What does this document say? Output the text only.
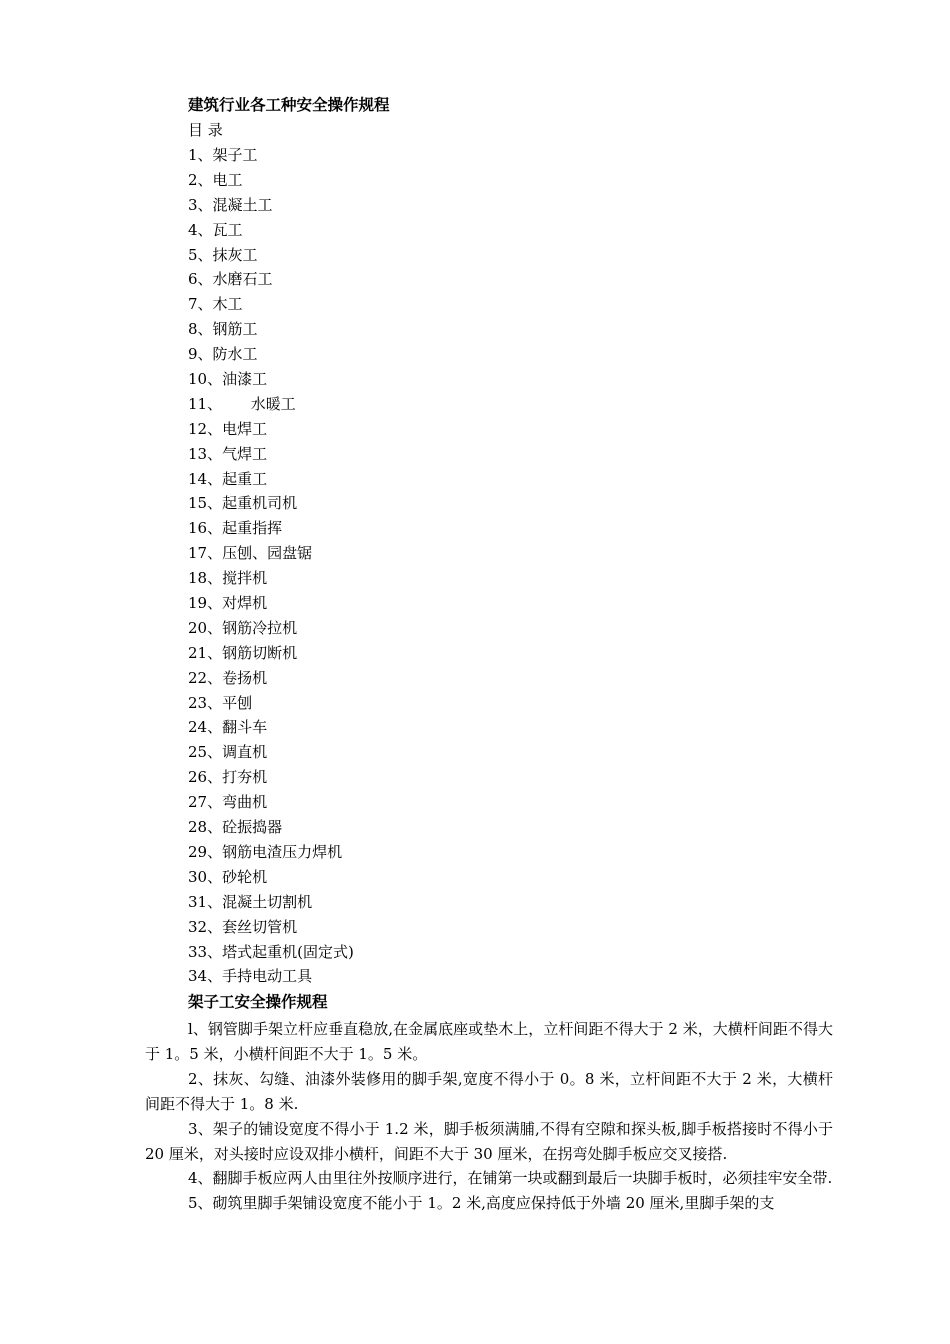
建筑行业各工种安全操作规程
目 录
1、架子工
2、电工
3、混凝土工
4、瓦工
5、抹灰工
6、水磨石工
7、木工
8、钢筋工
9、防水工
10、油漆工
11、      水暖工
12、电焊工
13、气焊工
14、起重工
15、起重机司机
16、起重指挥
17、压刨、园盘锯
18、搅拌机
19、对焊机
20、钢筋冷拉机
21、钢筋切断机
22、卷扬机
23、平刨
24、翻斗车
25、调直机
26、打夯机
27、弯曲机
28、砼振捣器
29、钢筋电渣压力焊机
30、砂轮机
31、混凝土切割机
32、套丝切管机
33、塔式起重机(固定式)
34、手持电动工具
架子工安全操作规程

l、钢管脚手架立杆应垂直稳放,在金属底座或垫木上，立杆间距不得大于 2 米，大横杆间距不得大于 1。5 米，小横杆间距不大于 1。5 米。

2、抹灰、勾缝、油漆外装修用的脚手架,宽度不得小于 0。8 米，立杆间距不大于 2 米，大横杆间距不得大于 1。8 米.

3、架子的铺设宽度不得小于 1.2 米，脚手板须满脯,不得有空隙和探头板,脚手板搭接时不得小于 20 厘米，对头接时应设双排小横杆，间距不大于 30 厘米，在拐弯处脚手板应交叉接搭.

4、翻脚手板应两人由里往外按顺序进行，在铺第一块或翻到最后一块脚手板时，必须挂牢安全带.

5、砌筑里脚手架铺设宽度不能小于 1。2 米,高度应保持低于外墙 20 厘米,里脚手架的支
